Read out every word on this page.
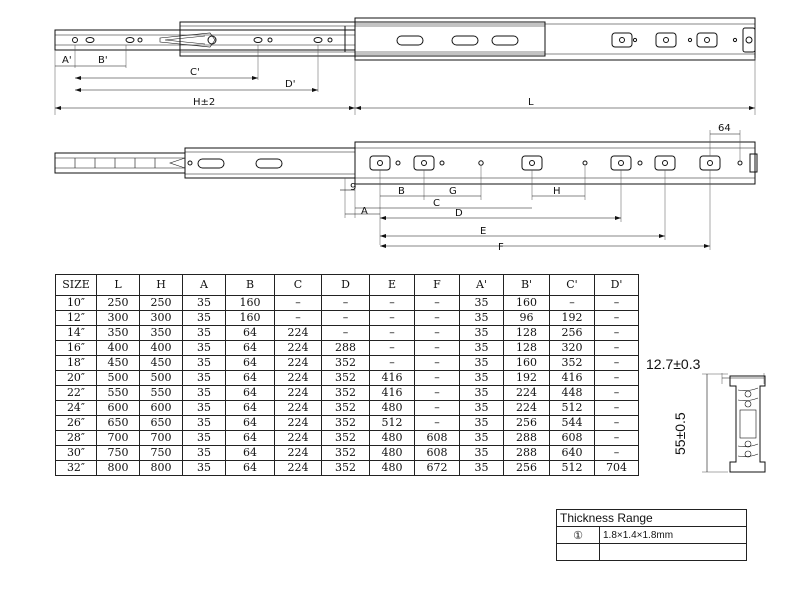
A'	B'
C'
D'
H±2	L
64
9
A
B
C
D
E
F
G	H
12.7±0.3
55±0.5
SIZE	L	H	A	B	C	D	E	F	A'	B'	C'	D'
10″	250	250	35	160	–	–	–	–	35	160	–	–
12″	300	300	35	160	–	–	–	–	35	96	192	–
14″	350	350	35	64	224	–	–	–	35	128	256	–
16″	400	400	35	64	224	288	–	–	35	128	320	–
18″	450	450	35	64	224	352	–	–	35	160	352	–
20″	500	500	35	64	224	352	416	–	35	192	416	–
22″	550	550	35	64	224	352	416	–	35	224	448	–
24″	600	600	35	64	224	352	480	–	35	224	512	–
26″	650	650	35	64	224	352	512	–	35	256	544	–
28″	700	700	35	64	224	352	480	608	35	288	608	–
30″	750	750	35	64	224	352	480	608	35	288	640	–
32″	800	800	35	64	224	352	480	672	35	256	512	704
Thickness Range	
①	1.8×1.4×1.8mm
